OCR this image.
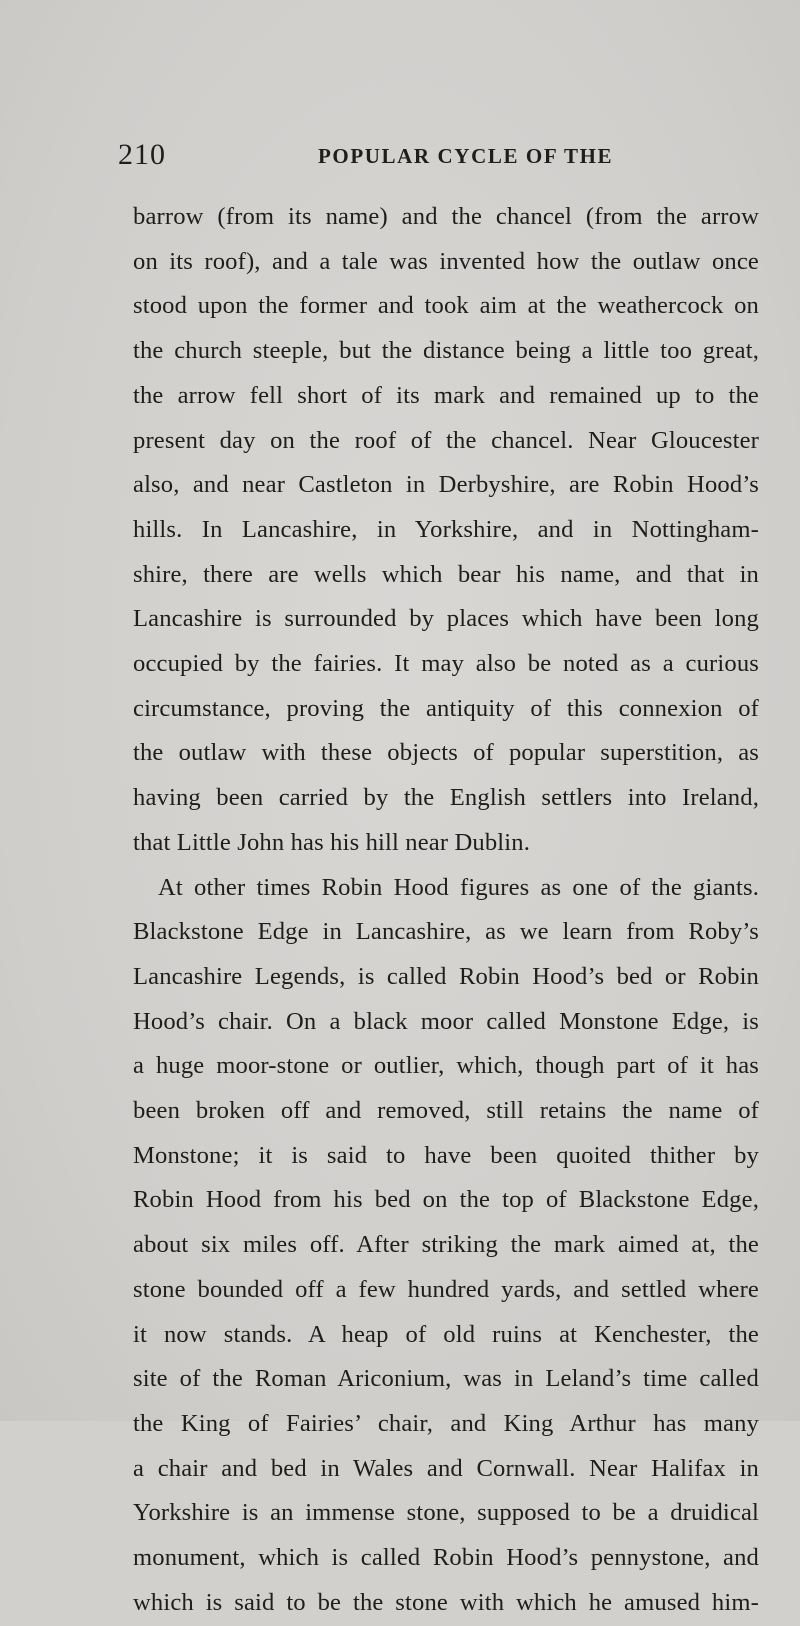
210	POPULAR CYCLE OF THE
barrow (from its name) and the chancel (from the arrow
on its roof), and a tale was invented how the outlaw once
stood upon the former and took aim at the weathercock on
the church steeple, but the distance being a little too great,
the arrow fell short of its mark and remained up to the
present day on the roof of the chancel. Near Gloucester
also, and near Castleton in Derbyshire, are Robin Hood’s
hills. In Lancashire, in Yorkshire, and in Nottingham-
shire, there are wells which bear his name, and that in
Lancashire is surrounded by places which have been long
occupied by the fairies. It may also be noted as a curious
circumstance, proving the antiquity of this connexion of
the outlaw with these objects of popular superstition, as
having been carried by the English settlers into Ireland,
that Little John has his hill near Dublin.
At other times Robin Hood figures as one of the giants.
Blackstone Edge in Lancashire, as we learn from Roby’s
Lancashire Legends, is called Robin Hood’s bed or Robin
Hood’s chair. On a black moor called Monstone Edge, is
a huge moor-stone or outlier, which, though part of it has
been broken off and removed, still retains the name of
Monstone; it is said to have been quoited thither by
Robin Hood from his bed on the top of Blackstone Edge,
about six miles off. After striking the mark aimed at, the
stone bounded off a few hundred yards, and settled where
it now stands. A heap of old ruins at Kenchester, the
site of the Roman Ariconium, was in Leland’s time called
the King of Fairies’ chair, and King Arthur has many
a chair and bed in Wales and Cornwall. Near Halifax in
Yorkshire is an immense stone, supposed to be a druidical
monument, which is called Robin Hood’s pennystone, and
which is said to be the stone with which he amused him-
